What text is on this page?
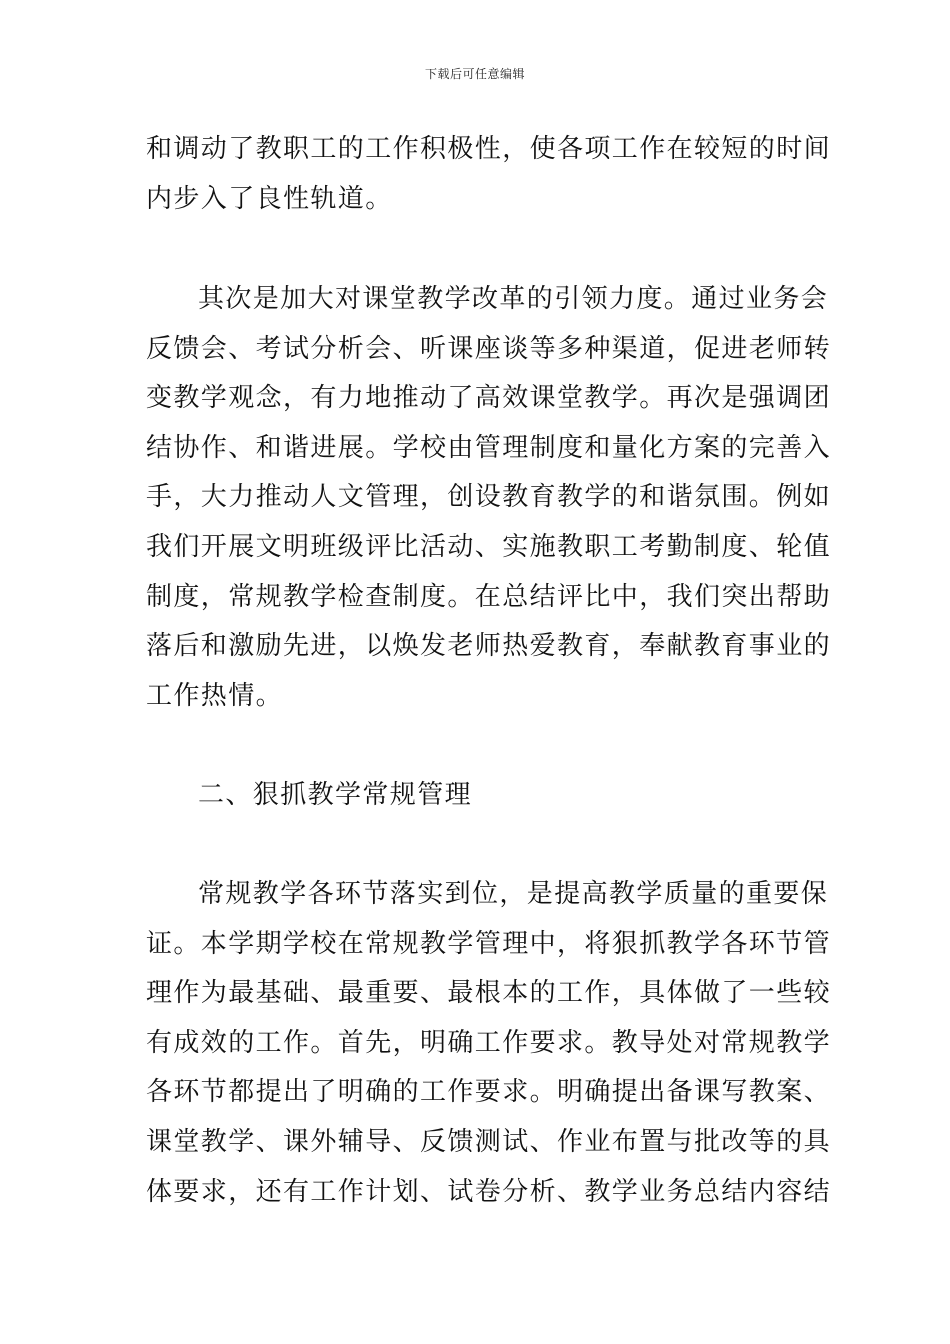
下载后可任意编辑
和调动了教职工的工作积极性，使各项工作在较短的时间
内步入了良性轨道。
其次是加大对课堂教学改革的引领力度。通过业务会
反馈会、考试分析会、听课座谈等多种渠道，促进老师转
变教学观念，有力地推动了高效课堂教学。再次是强调团
结协作、和谐进展。学校由管理制度和量化方案的完善入
手，大力推动人文管理，创设教育教学的和谐氛围。例如
我们开展文明班级评比活动、实施教职工考勤制度、轮值
制度，常规教学检查制度。在总结评比中，我们突出帮助
落后和激励先进，以焕发老师热爱教育，奉献教育事业的
工作热情。
二、狠抓教学常规管理
常规教学各环节落实到位，是提高教学质量的重要保
证。本学期学校在常规教学管理中，将狠抓教学各环节管
理作为最基础、最重要、最根本的工作，具体做了一些较
有成效的工作。首先，明确工作要求。教导处对常规教学
各环节都提出了明确的工作要求。明确提出备课写教案、
课堂教学、课外辅导、反馈测试、作业布置与批改等的具
体要求，还有工作计划、试卷分析、教学业务总结内容结
